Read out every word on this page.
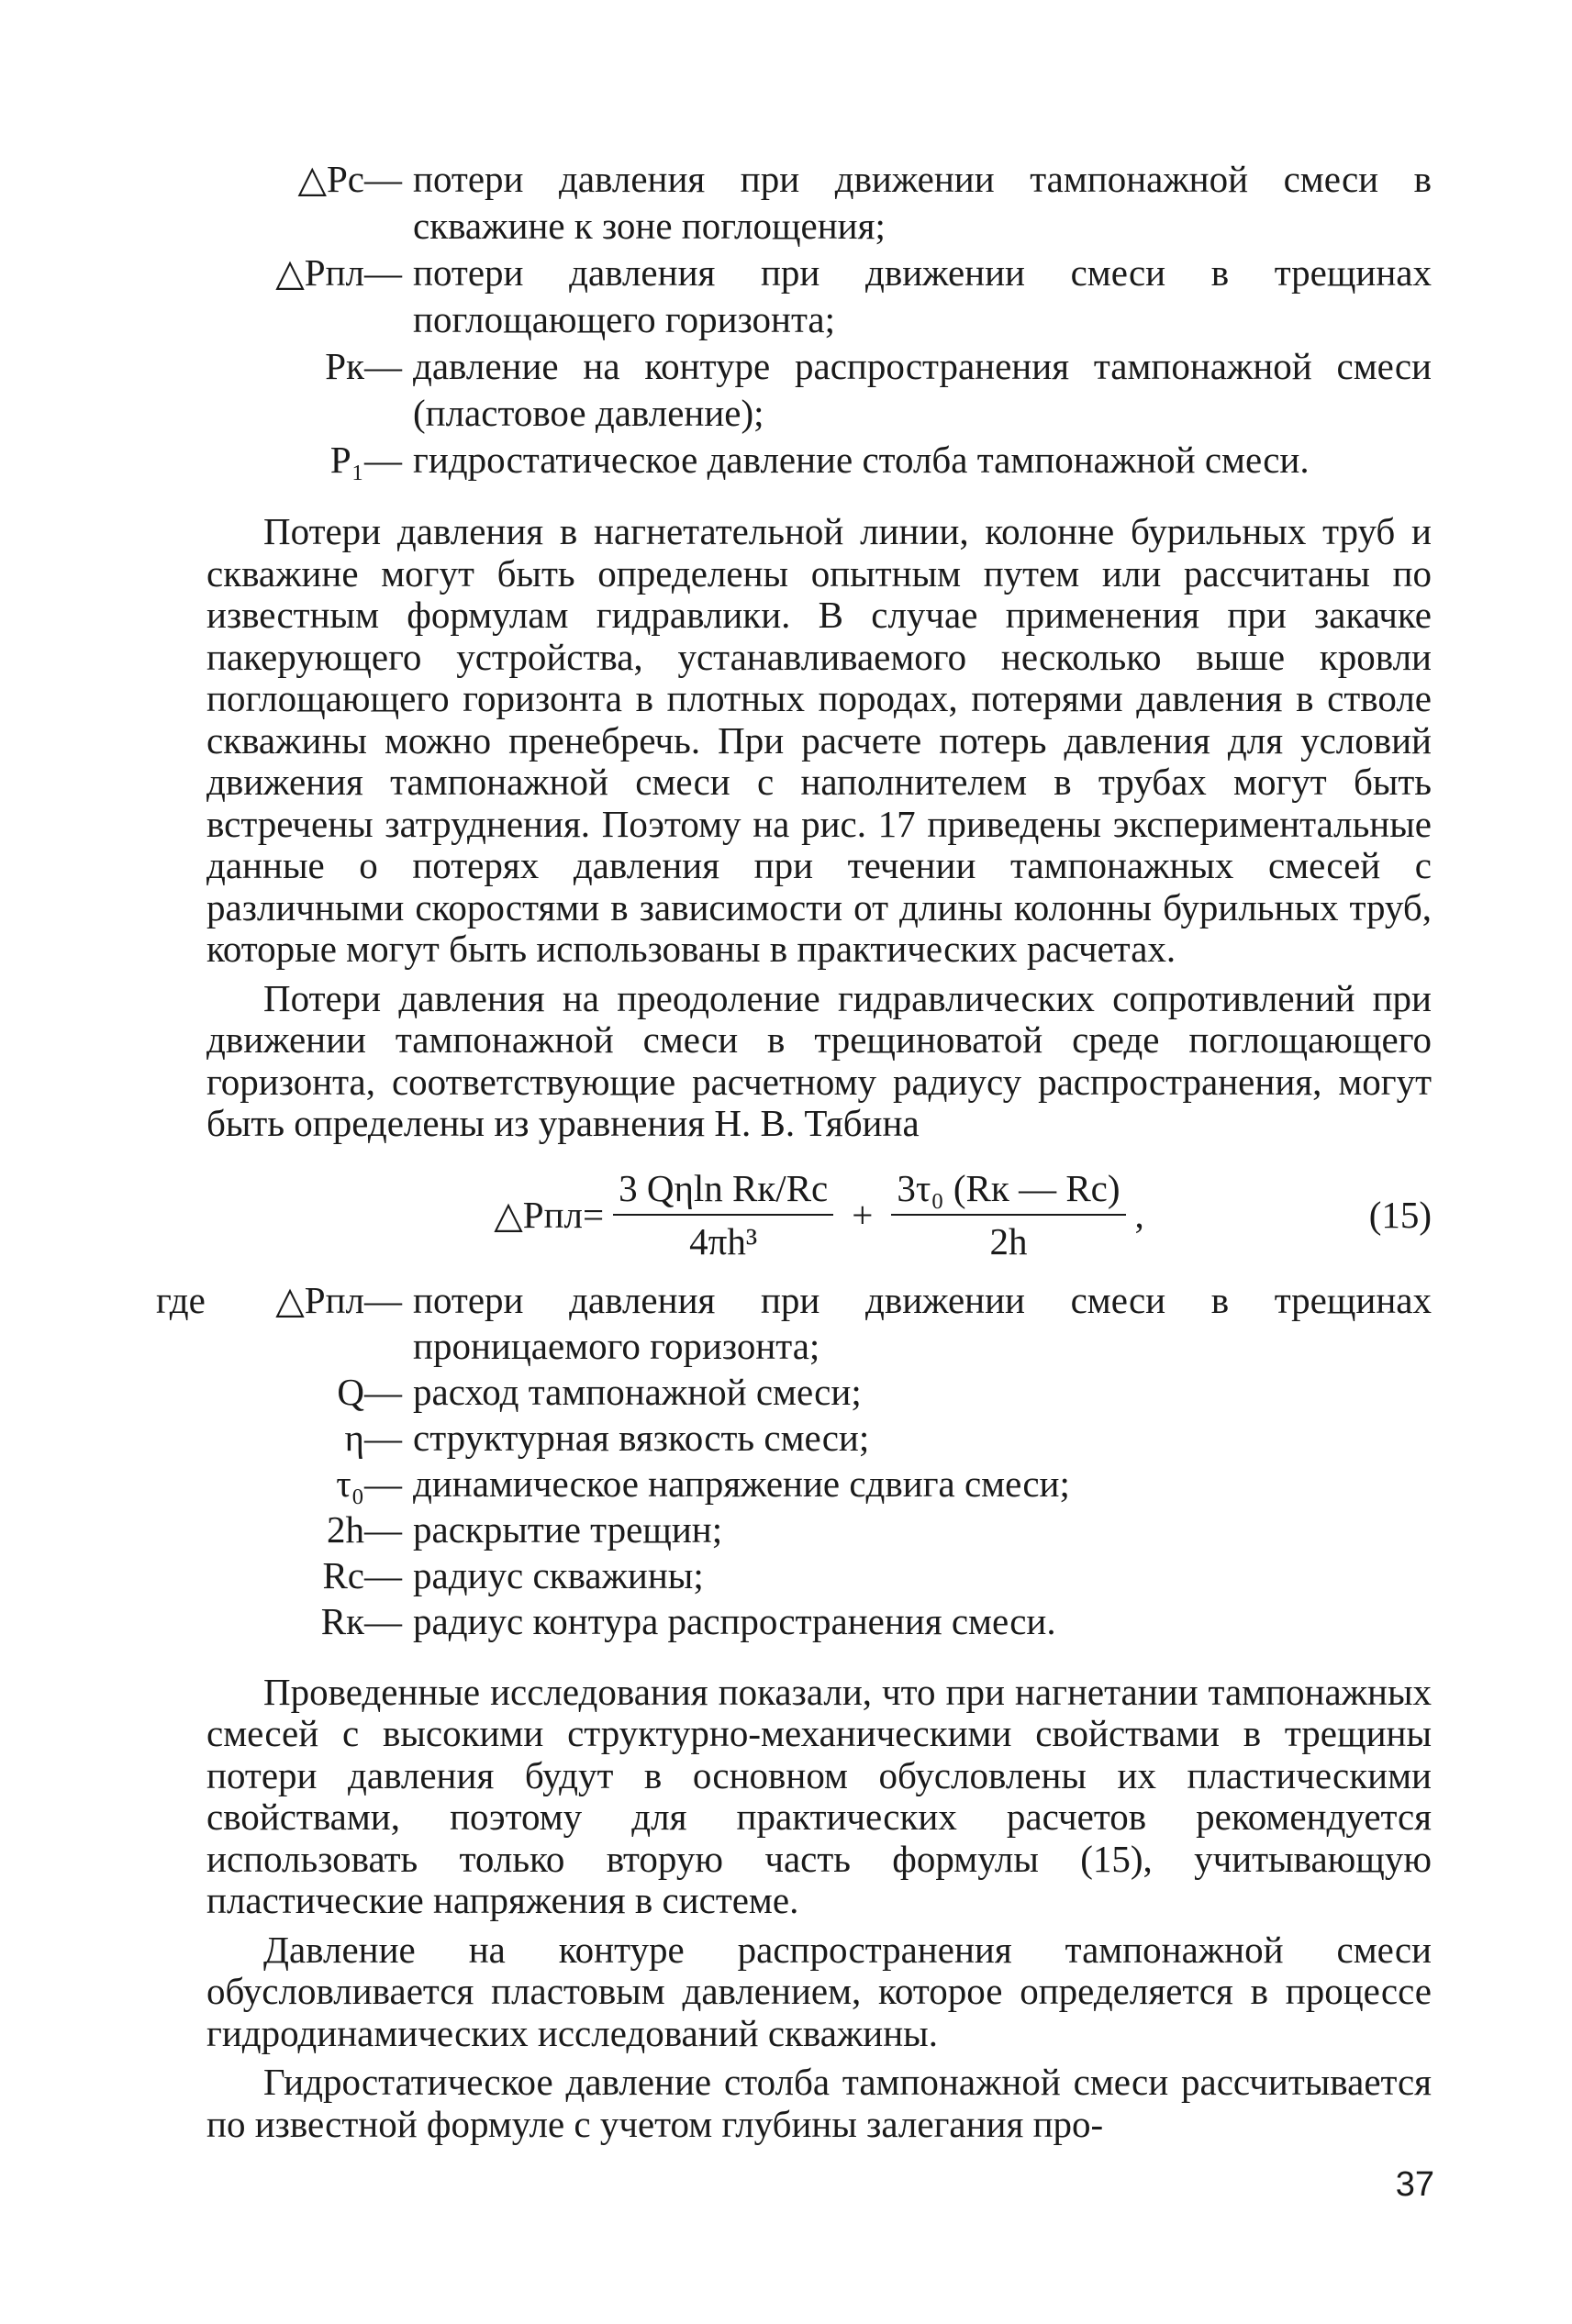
△Pс— потери давления при движении тампонажной смеси в скважине к зоне поглощения;
△Pпл— потери давления при движении смеси в трещинах поглощающего горизонта;
Pк— давление на контуре распространения тампонажной смеси (пластовое давление);
P₁— гидростатическое давление столба тампонажной смеси.

Потери давления в нагнетательной линии, колонне бурильных труб и скважине могут быть определены опытным путем или рассчитаны по известным формулам гидравлики. В случае применения при закачке пакерующего устройства, устанавливаемого несколько выше кровли поглощающего горизонта в плотных породах, потерями давления в стволе скважины можно пренебречь. При расчете потерь давления для условий движения тампонажной смеси с наполнителем в трубах могут быть встречены затруднения. Поэтому на рис. 17 приведены экспериментальные данные о потерях давления при течении тампонажных смесей с различными скоростями в зависимости от длины колонны бурильных труб, которые могут быть использованы в практических расчетах.

Потери давления на преодоление гидравлических сопротивлений при движении тампонажной смеси в трещиноватой среде поглощающего горизонта, соответствующие расчетному радиусу распространения, могут быть определены из уравнения Н. В. Тябина

△Pпл= $\frac{\text{3 Qηln Rк/Rс}}{\text{4πh³}} + \frac{\text{3τ₀ (Rк — Rс)}}{2h}$ ,	(15)
где	△Pпл— потери давления при движении смеси в трещинах проницаемого горизонта;
Q— расход тампонажной смеси;
η— структурная вязкость смеси;
τ₀— динамическое напряжение сдвига смеси;
2h— раскрытие трещин;
Rс— радиус скважины;
Rк— радиус контура распространения смеси.

Проведенные исследования показали, что при нагнетании тампонажных смесей с высокими структурно-механическими свойствами в трещины потери давления будут в основном обусловлены их пластическими свойствами, поэтому для практических расчетов рекомендуется использовать только вторую часть формулы (15), учитывающую пластические напряжения в системе.

Давление на контуре распространения тампонажной смеси обусловливается пластовым давлением, которое определяется в процессе гидродинамических исследований скважины.

Гидростатическое давление столба тампонажной смеси рассчитывается по известной формуле с учетом глубины залегания про-

37
